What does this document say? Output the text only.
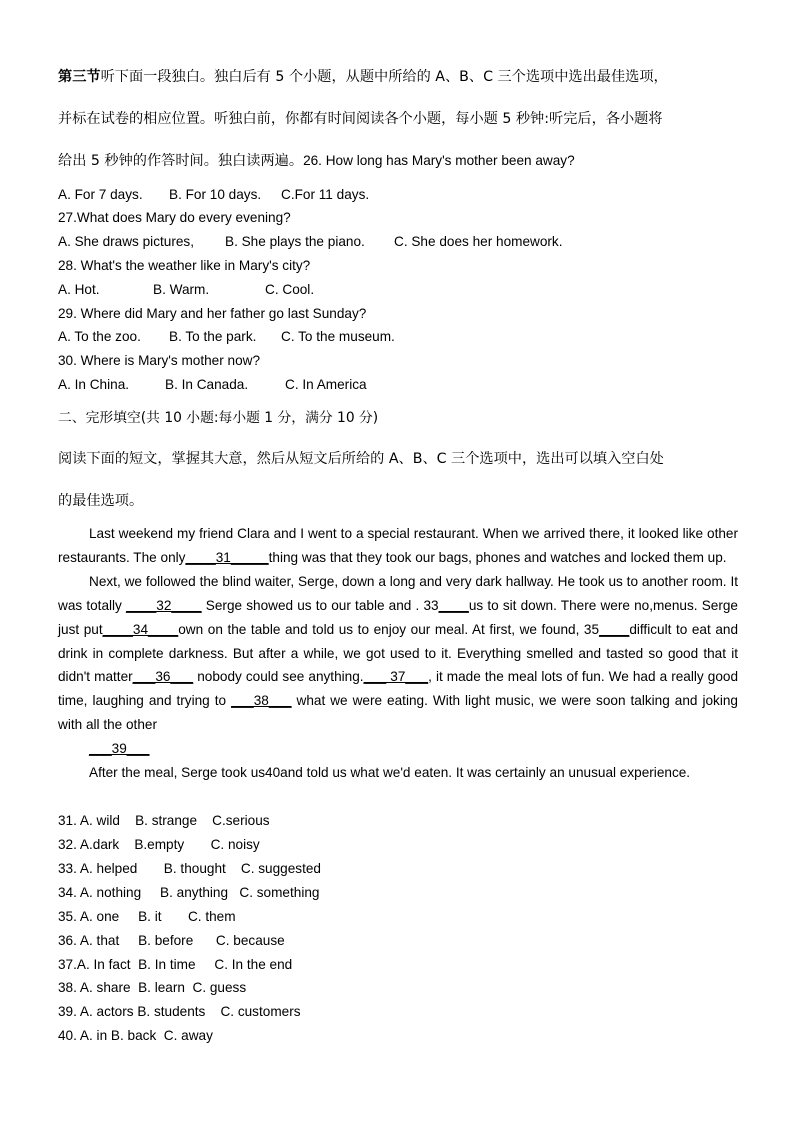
第三节听下面一段独白。独白后有 5 个小题，从题中所给的 A、B、C 三个选项中选出最佳选项，
并标在试卷的相应位置。听独白前，你都有时间阅读各个小题，每小题 5 秒钟:听完后，各小题将
给出 5 秒钟的作答时间。独白读两遍。26. How long has Mary's mother been away?
A. For 7 days. B. For 10 days. C.For 11 days.
27.What does Mary do every evening?
A. She draws pictures, B. She plays the piano. C. She does her homework.
28. What's the weather like in Mary's city?
A. Hot.	B. Warm.	C. Cool.
29. Where did Mary and her father go last Sunday?
A. To the zoo. B. To the park. C. To the museum.
30. Where is Mary's mother now?
A. In China.	B. In Canada.	C. In America
二、完形填空(共 10 小题:每小题 1 分，满分 10 分)
阅读下面的短文，掌握其大意，然后从短文后所给的 A、B、C 三个选项中，选出可以填入空白处
的最佳选项。

Last weekend my friend Clara and I went to a special restaurant. When we arrived there, it looked like other restaurants. The only____31_____thing was that they took our bags, phones and watches and locked them up.

Next, we followed the blind waiter, Serge, down a long and very dark hallway. He took us to another room. It was totally ____32____ Serge showed us to our table and . 33____us to sit down. There were no,menus. Serge just put____34____own on the table and told us to enjoy our meal. At first, we found, 35____difficult to eat and drink in complete darkness. But after a while, we got used to it. Everything smelled and tasted so good that it didn't matter___36___ nobody could see anything.___ 37___, it made the meal lots of fun. We had a really good time, laughing and trying to ___38___ what we were eating. With light music, we were soon talking and joking with all the other

___39___

After the meal, Serge took us40and told us what we'd eaten. It was certainly an unusual experience.

31. A. wild    B. strange    C.serious
32. A.dark    B.empty       C. noisy
33. A. helped       B. thought    C. suggested
34. A. nothing     B. anything   C. something
35. A. one     B. it       C. them
36. A. that     B. before      C. because
37.A. In fact  B. In time     C. In the end
38. A. share  B. learn  C. guess
39. A. actors B. students    C. customers
40. A. in B. back  C. away
